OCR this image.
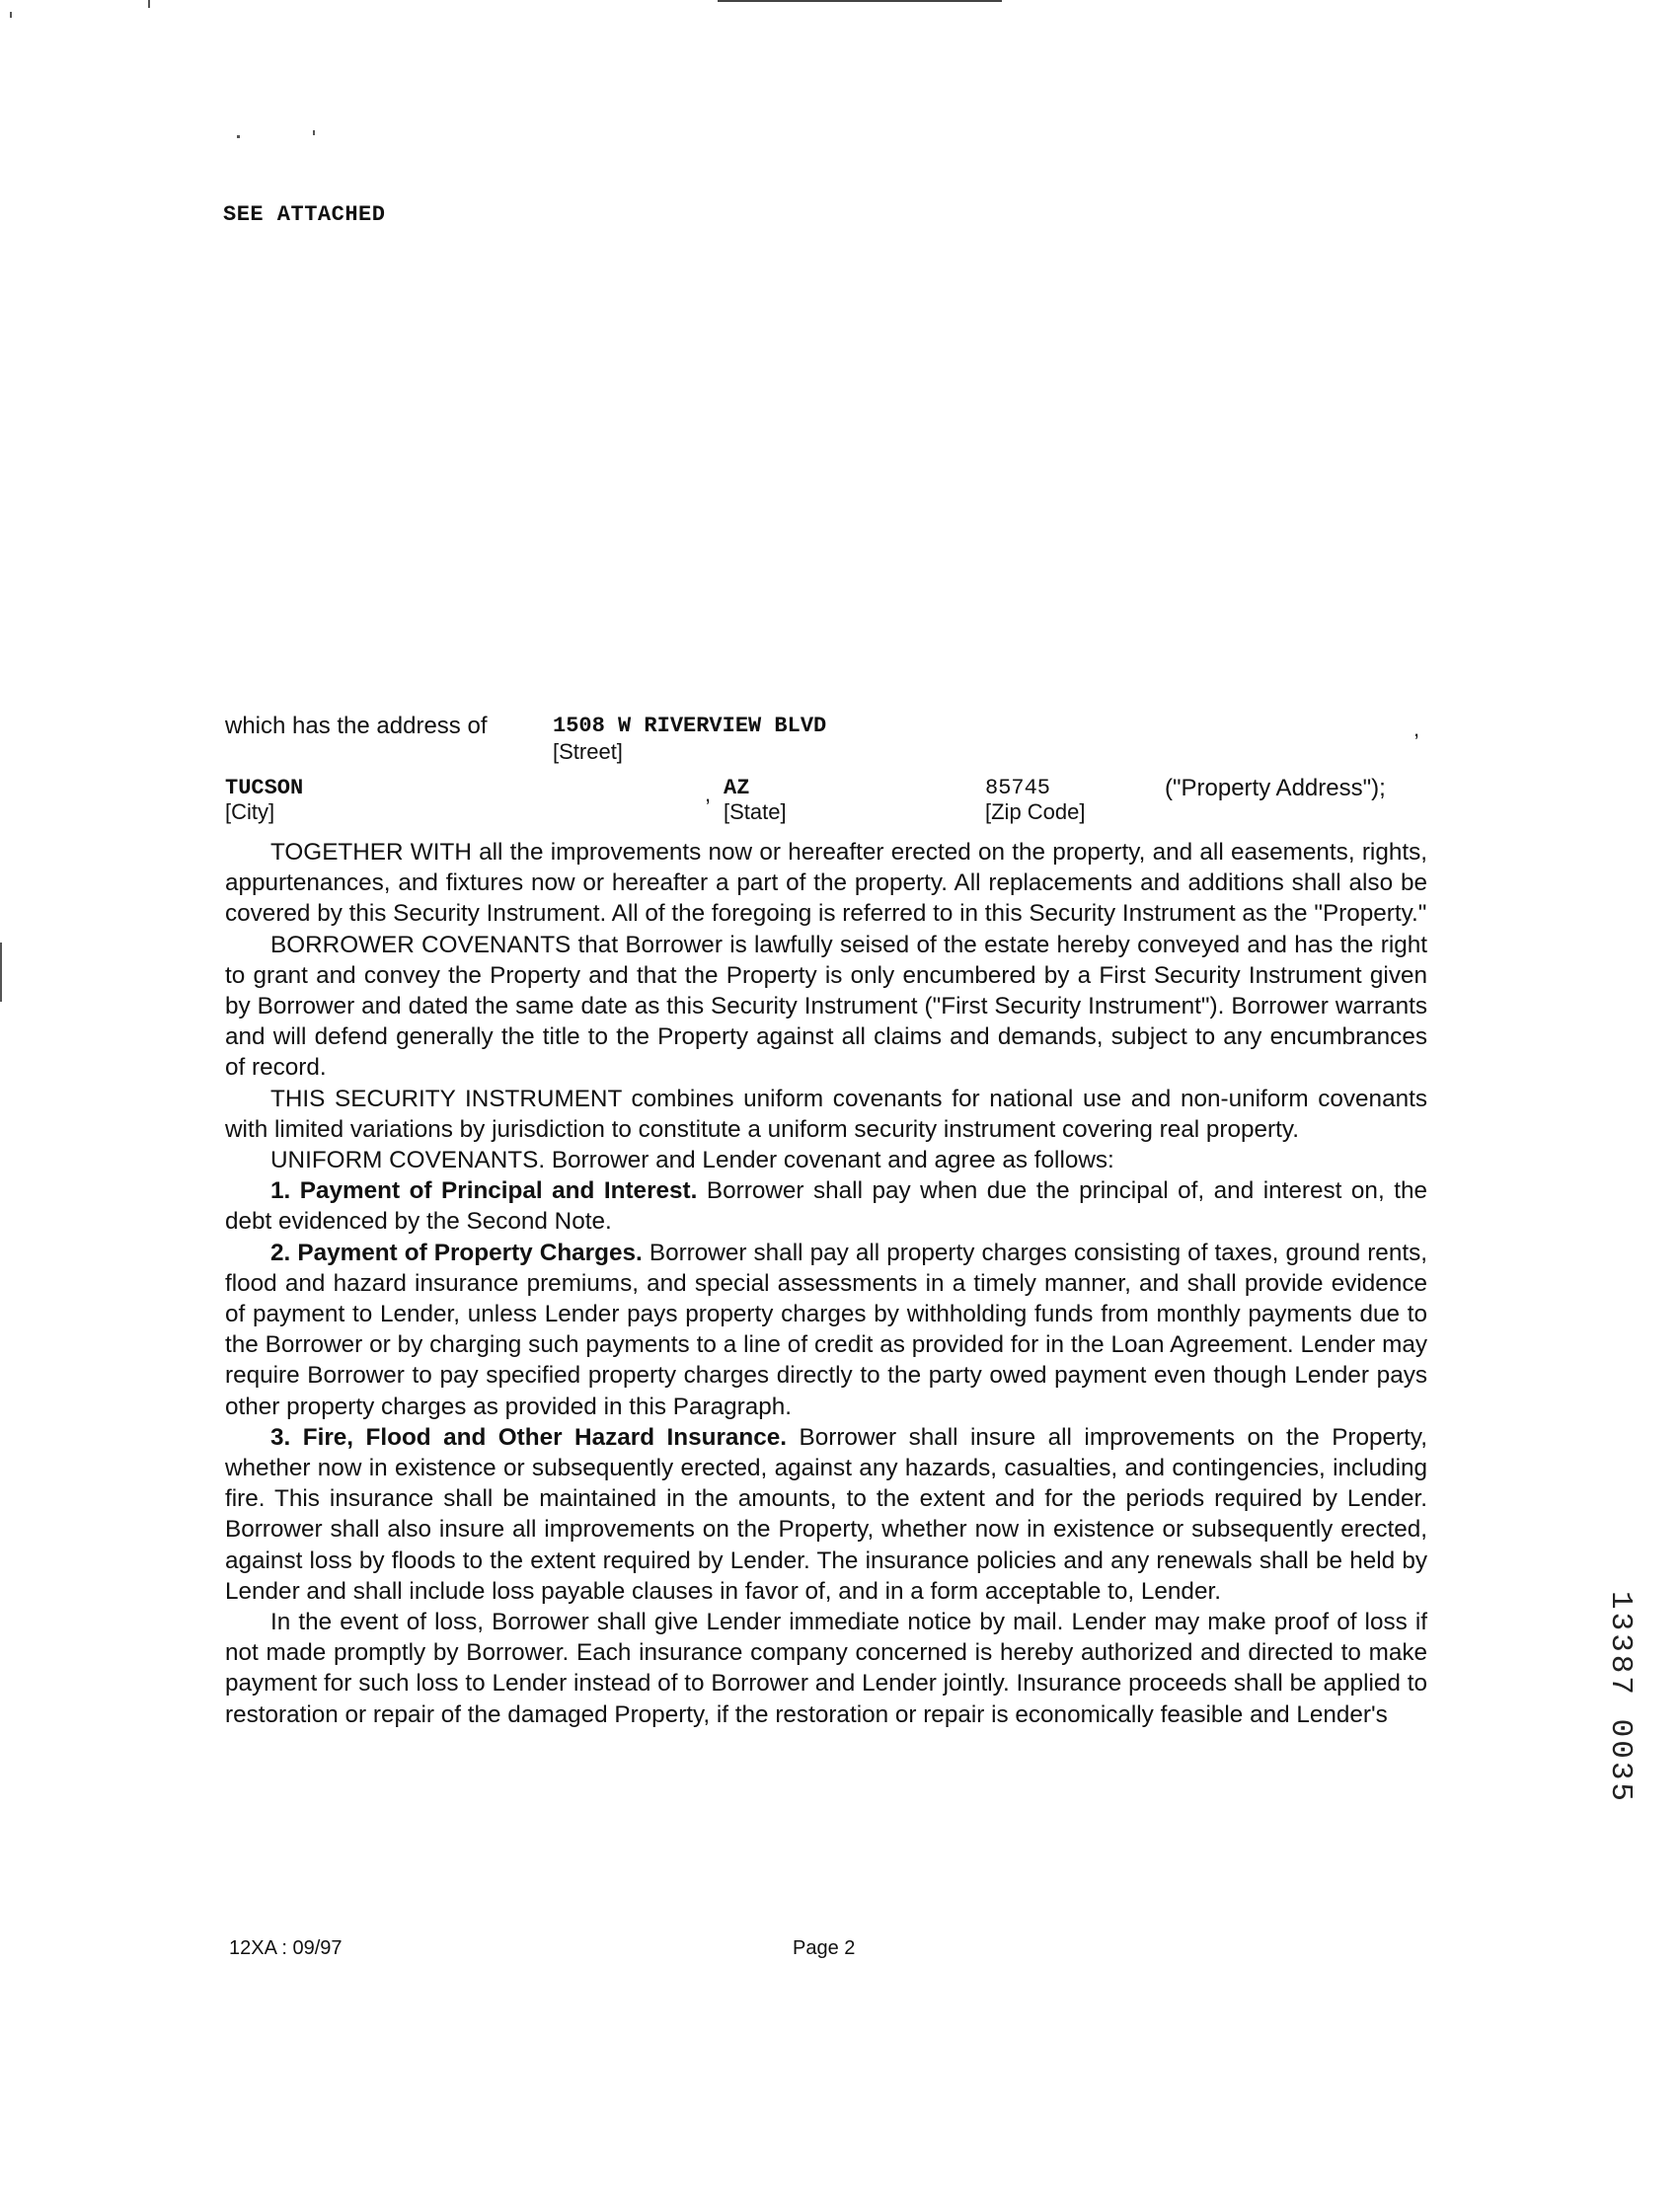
SEE ATTACHED
which has the address of	1508 W RIVERVIEW BLVD
[Street]
,
TUCSON
[City]
, AZ
[State]
85745
[Zip Code]
("Property Address");

TOGETHER WITH all the improvements now or hereafter erected on the property, and all easements, rights, appurtenances, and fixtures now or hereafter a part of the property. All replacements and additions shall also be covered by this Security Instrument. All of the foregoing is referred to in this Security Instrument as the "Property."

BORROWER COVENANTS that Borrower is lawfully seised of the estate hereby conveyed and has the right to grant and convey the Property and that the Property is only encumbered by a First Security Instrument given by Borrower and dated the same date as this Security Instrument ("First Security Instrument"). Borrower warrants and will defend generally the title to the Property against all claims and demands, subject to any encumbrances of record.

THIS SECURITY INSTRUMENT combines uniform covenants for national use and non-uniform covenants with limited variations by jurisdiction to constitute a uniform security instrument covering real property.

UNIFORM COVENANTS. Borrower and Lender covenant and agree as follows:

1. Payment of Principal and Interest. Borrower shall pay when due the principal of, and interest on, the debt evidenced by the Second Note.

2. Payment of Property Charges. Borrower shall pay all property charges consisting of taxes, ground rents, flood and hazard insurance premiums, and special assessments in a timely manner, and shall provide evidence of payment to Lender, unless Lender pays property charges by withholding funds from monthly payments due to the Borrower or by charging such payments to a line of credit as provided for in the Loan Agreement. Lender may require Borrower to pay specified property charges directly to the party owed payment even though Lender pays other property charges as provided in this Paragraph.

3. Fire, Flood and Other Hazard Insurance. Borrower shall insure all improvements on the Property, whether now in existence or subsequently erected, against any hazards, casualties, and contingencies, including fire. This insurance shall be maintained in the amounts, to the extent and for the periods required by Lender. Borrower shall also insure all improvements on the Property, whether now in existence or subsequently erected, against loss by floods to the extent required by Lender. The insurance policies and any renewals shall be held by Lender and shall include loss payable clauses in favor of, and in a form acceptable to, Lender.

In the event of loss, Borrower shall give Lender immediate notice by mail. Lender may make proof of loss if not made promptly by Borrower. Each insurance company concerned is hereby authorized and directed to make payment for such loss to Lender instead of to Borrower and Lender jointly. Insurance proceeds shall be applied to restoration or repair of the damaged Property, if the restoration or repair is economically feasible and Lender's

12XA : 09/97	Page 2
13387 0035
